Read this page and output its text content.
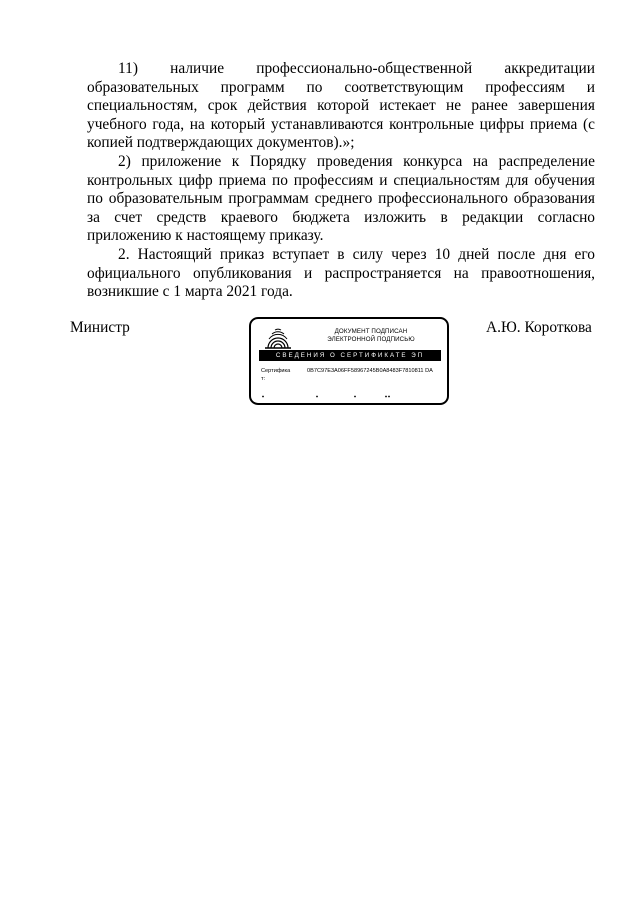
11) наличие профессионально-общественной аккредитации образовательных программ по соответствующим профессиям и специальностям, срок действия которой истекает не ранее завершения учебного года, на который устанавливаются контрольные цифры приема (с копией подтверждающих документов).»;

2) приложение к Порядку проведения конкурса на распределение контрольных цифр приема по профессиям и специальностям для обучения по образовательным программам среднего профессионального образования за счет средств краевого бюджета изложить в редакции согласно приложению к настоящему приказу.

2. Настоящий приказ вступает в силу через 10 дней после дня его официального опубликования и распространяется на правоотношения, возникшие с 1 марта 2021 года.

Министр	А.Ю. Короткова
ДОКУМЕНТ ПОДПИСАН
ЭЛЕКТРОННОЙ ПОДПИСЬЮ
СВЕДЕНИЯ О СЕРТИФИКАТЕ ЭП
Сертифика т:
0B7C97E3A06FF58967245B0A8483F7810811 DA
